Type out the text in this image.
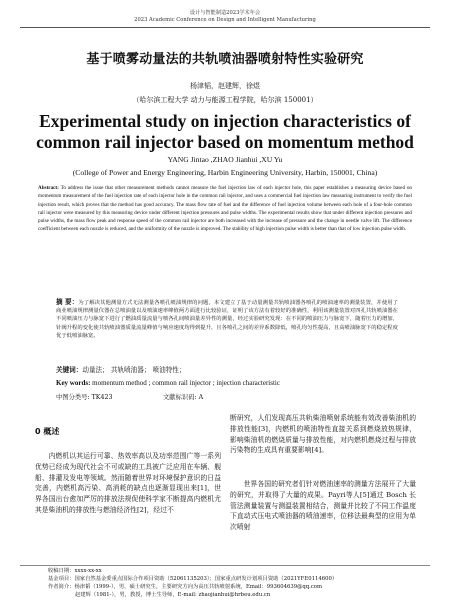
设计与智能制造2023学术年会
2023 Academic Conference on Design and Intelligent Manufacturing
基于喷雾动量法的共轨喷油器喷射特性实验研究
杨津韬，赵建辉，徐煜
（哈尔滨工程大学 动力与能源工程学院，哈尔滨 150001）
Experimental study on injection characteristics of
common rail injector based on momentum method
YANG Jintao ,ZHAO Jianhui ,XU Yu
(College of Power and Energy Engineering, Harbin Engineering University, Harbin, 150001, China)
Abstract: To address the issue that other measurement methods cannot measure the fuel injection law of each injector hole, this paper establishes a measuring device based on momentum measurement of the fuel injection rate of each injector hole in the common rail injector, and uses a commercial fuel injection law measuring instrument to verify the fuel injection result, which proves that the method has good accuracy. The mass flow rate of fuel and the difference of fuel injection volume between each hole of a four-hole common rail injector were measured by this measuring device under different injection pressures and pulse widths. The experimental results show that under different injection pressures and pulse widths, the mass flow peak and response speed of the common rail injector are both increased with the increase of pressure and the change in needle valve lift. The difference coefficient between each nozzle is reduced, and the uniformity of the nozzle is improved. The stability of high injection pulse width is better than that of low injection pulse width.
摘 要：为了解决其他测量方式无法测量各喷孔喷油规律的问题，本文建立了基于动量测量共轨喷油器各喷孔的喷油速率的测量装置，并使用了商业喷油规律测量仪器在总喷油量以及喷油速率峰值两方面进行比较验证，证明了该方法有着较好的准确性，利用该测量装置对四孔共轨喷油器在不同喷油压力与脉宽下进行了燃油质量流量与喷各孔间喷油量差异性的测量，经过实验研究发现：在不同的喷油压力与脉宽下，随着压力的增加，针阀升程的变化使共轨喷油器质量流量峰值与响应速度均得到提升，且各喷孔之间的差异系数降低，喷孔均匀性提高，且高喷油脉宽下的稳定程度优于低喷油脉宽。
关键词：动量法； 共轨喷油器； 喷油特性；
Key words: momentum method ; common rail injector ; injection characteristic
中图分类号: TK423	文献标识码: A
0 概述
内燃机以其运行可靠、热效率高以及功率范围广等一系列优势已经成为现代社会不可或缺的工具被广泛应用在车辆、舰船、排灌及发电等领域。然而随着世界对环境保护意识的日益完善，内燃机高污染、高消耗的缺点也逐渐显现出来[1]，世界各国出台愈加严厉的排放法规促使科学家不断提高内燃机尤其是柴油机的排放性与燃油经济性[2]，经过不
断研究，人们发现高压共轨柴油喷射系统能有效改善柴油机的排放性能[3]，内燃机的喷油特性直接关系到燃烧放热规律，影响柴油机的燃烧质量与排放性能，对内燃机燃烧过程与排放污染物的生成具有重要影响[4]。
世界各国的研究者们针对燃油速率的测量方法展开了大量的研究，并取得了大量的成果。Payri等人[5]通过 Bosch 长管法测量装置与测温装置相结合，测量并比较了不同工作温度下直动式压电式喷油器的喷油速率，位移法最典型的应用为单次喷射
收稿日期：xxxx-xx-xx
基金项目：国家自然基金委重点国际合作项目资助（52061135203）；国家重点研发计划项目资助（2021YFE0114600）
作者简介：杨津韬（1999-），男，硕士研究生，主要研究方向为高压共轨喷射系统，Email：993604639@qq.com
赵建辉（1981-），男，教授，博士生导师，E-mail: zhaojianhui@hrbeu.edu.cn
